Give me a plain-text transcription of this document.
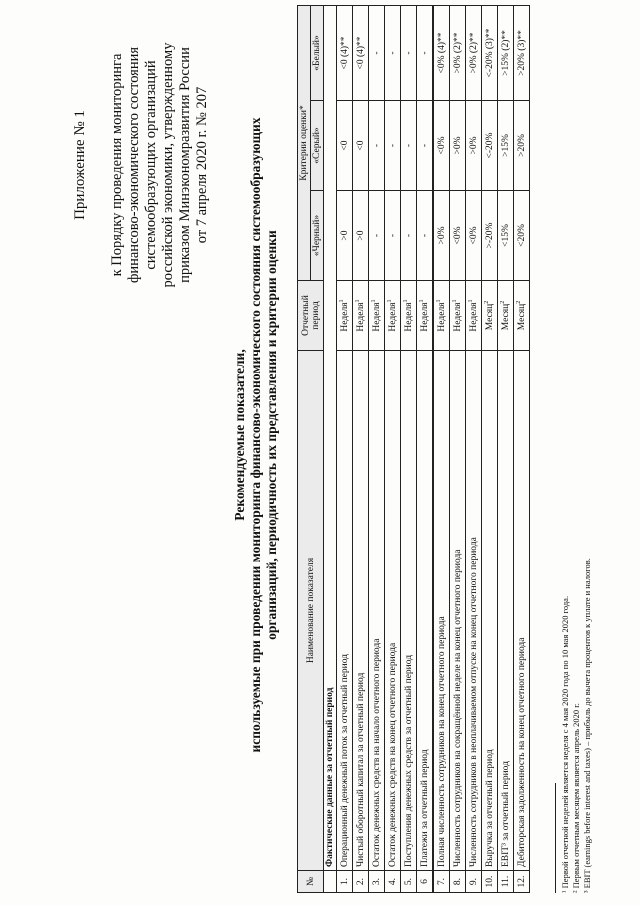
Приложение № 1 к Порядку проведения мониторинга финансово-экономического состояния системообразующих организаций российской экономики, утвержденному приказом Минэкономразвития России от 7 апреля 2020 г. № 207
Рекомендуемые показатели, используемые при проведении мониторинга финансово-экономического состояния системообразующих организаций, периодичность их представления и критерии оценки
№	Наименование показателя	Отчетный период	Критерии оценки*		
			«Черный»	«Серый»	«Белый»
	Фактические данные за отчетный период				
1.	Операционный денежный поток за отчетный период	Неделя$^1$	>0	<0	<0 (4)**
2.	Чистый оборотный капитал за отчетный период	Неделя$^1$	>0	<0	<0 (4)**
3.	Остаток денежных средств на начало отчетного периода	Неделя$^1$	-	-	-
4.	Остаток денежных средств на конец отчетного периода	Неделя$^1$	-	-	-
5.	Поступления денежных средств за отчетный период	Неделя$^1$	-	-	-
6	Платежи за отчетный период	Неделя$^1$	-	-	-
7.	Полная численность сотрудников на конец отчетного периода	Неделя$^1$	>0%	<0%	<0% (4)**
8.	Численность сотрудников на сокращённой неделе на конец отчетного периода	Неделя$^1$	<0%	>0%	>0% (2)**
9.	Численность сотрудников в неоплачиваемом отпуске на конец отчетного периода	Неделя$^1$	<0%	>0%	>0% (2)**
10.	Выручка за отчетный период	Месяц$^2$	>-20%	<-20%	<-20% (3)**
11.	EBIT³ за отчетный период	Месяц$^2$	<15%	>15%	>15% (2)**
12.	Дебиторская задолженность на конец отчетного периода	Месяц$^2$	<20%	>20%	>20% (3)**
¹ Первой отчетной неделей является неделя с 4 мая 2020 года по 10 мая 2020 года. ² Первым отчетным месяцем является апрель 2020 г. ³ EBIT (earnings before interest and taxes) – прибыль до вычета процентов к уплате и налогов.
